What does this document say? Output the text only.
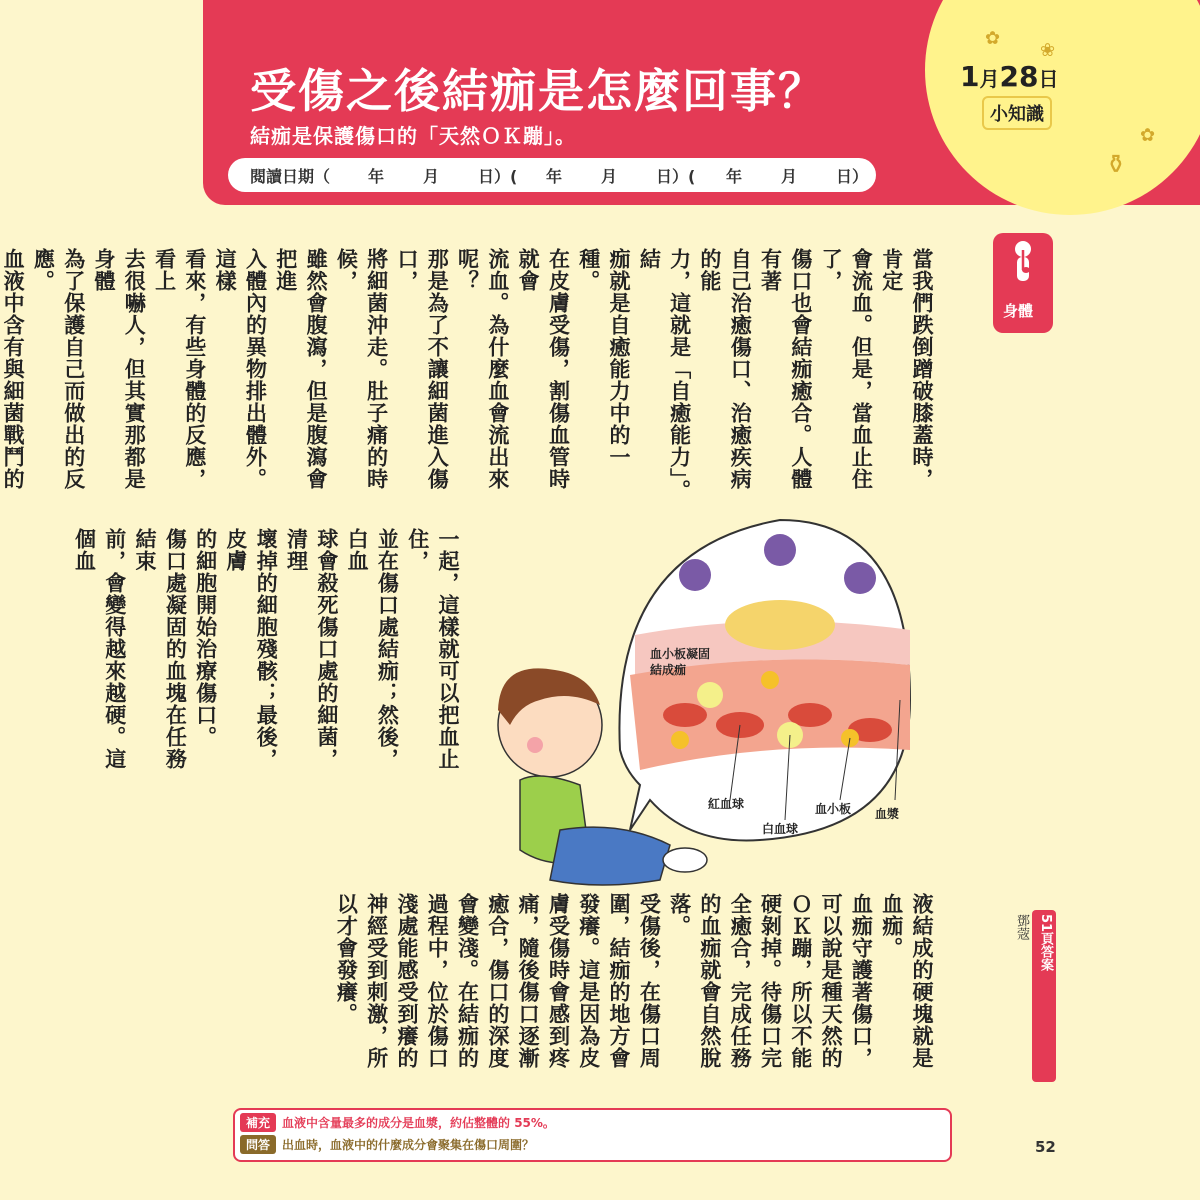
✿
❀
✿
⚱
受傷之後結痂是怎麼回事？
結痂是保護傷口的「天然ＯＫ蹦」。
閱讀日期（ 年 月 日）( 年 月 日）( 年 月 日）
1月28日
小知識
身體
當我們跌倒蹭破膝蓋時，肯定
會流血。但是，當血止住了，
傷口也會結痂癒合。人體有著
自己治癒傷口、治癒疾病的能
力，這就是「自癒能力」。結
痂就是自癒能力中的一種。
在皮膚受傷，割傷血管時就會
流血。為什麼血會流出來呢？
那是為了不讓細菌進入傷口，
將細菌沖走。肚子痛的時候，
雖然會腹瀉，但是腹瀉會把進
入體內的異物排出體外。這樣
看來，有些身體的反應，看上
去很嚇人，但其實那都是身體
為了保護自己而做出的反應。
血液中含有與細菌戰鬥的
一起，這樣就可以把血止住，
並在傷口處結痂；然後，白血
球會殺死傷口處的細菌，清理
壞掉的細胞殘骸；最後，皮膚
的細胞開始治療傷口。
傷口處凝固的血塊在任務結束
前，會變得越來越硬。這個血
液結成的硬塊就是
血痂。
血痂守護著傷口，
可以說是種天然的
ＯＫ蹦，所以不能
硬剝掉。待傷口完
全癒合，完成任務
的血痂就會自然脫
落。
受傷後，在傷口周
圍，結痂的地方會
發癢。這是因為皮
膚受傷時會感到疼
痛，隨後傷口逐漸
癒合，傷口的深度
會變淺。在結痂的
過程中，位於傷口
淺處能感受到癢的
神經受到刺激，所
以才會發癢。
血小板凝固
結成痂
紅血球
白血球
血小板 血漿
51頁答案
鄧蔲
補充 血液中含量最多的成分是血漿，約佔整體的 55%。
問答 出血時，血液中的什麼成分會聚集在傷口周圍？	52
